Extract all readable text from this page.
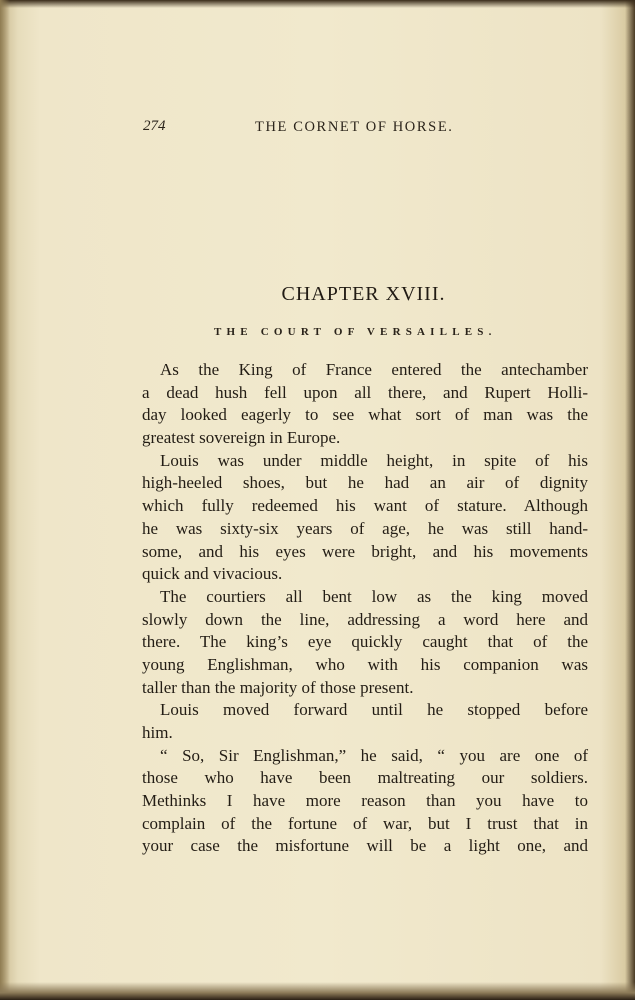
274	THE CORNET OF HORSE.
CHAPTER XVIII.
THE COURT OF VERSAILLES.
As the King of France entered the antechamber
a dead hush fell upon all there, and Rupert Holli-
day looked eagerly to see what sort of man was the
greatest sovereign in Europe.
Louis was under middle height, in spite of his
high-heeled shoes, but he had an air of dignity
which fully redeemed his want of stature. Although
he was sixty-six years of age, he was still hand-
some, and his eyes were bright, and his movements
quick and vivacious.
The courtiers all bent low as the king moved
slowly down the line, addressing a word here and
there. The king’s eye quickly caught that of the
young Englishman, who with his companion was
taller than the majority of those present.
Louis moved forward until he stopped before
him.
“ So, Sir Englishman,” he said, “ you are one of
those who have been maltreating our soldiers.
Methinks I have more reason than you have to
complain of the fortune of war, but I trust that in
your case the misfortune will be a light one, and
